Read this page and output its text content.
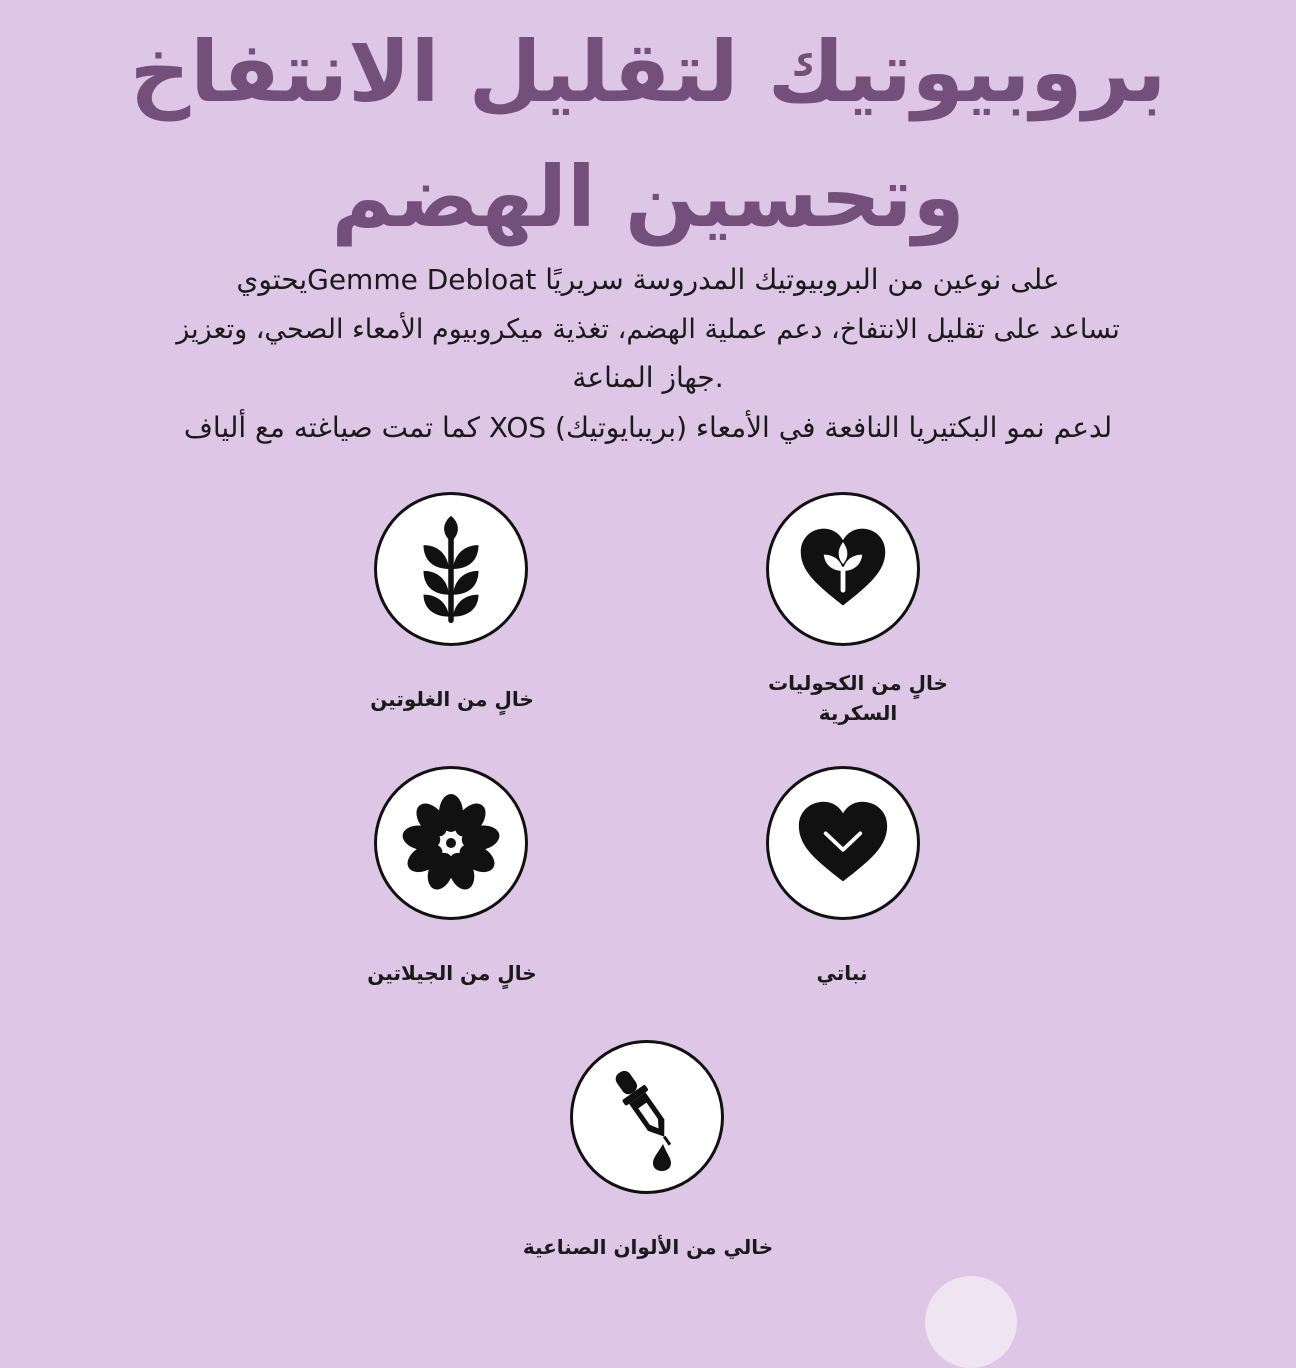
بروبيوتيك لتقليل الانتفاخ
وتحسين الهضم
على نوعين من البروبيوتيك المدروسة سريريًا Gemme Debloatيحتوي
تساعد على تقليل الانتفاخ، دعم عملية الهضم، تغذية ميكروبيوم الأمعاء الصحي، وتعزيز
.جهاز المناعة
لدعم نمو البكتيريا النافعة في الأمعاء (بريبايوتيك) XOS كما تمت صياغته مع ألياف
خالٍ من الكحوليات
السكرية
خالٍ من الغلوتين
نباتي
خالٍ من الجيلاتين
خالي من الألوان الصناعية
